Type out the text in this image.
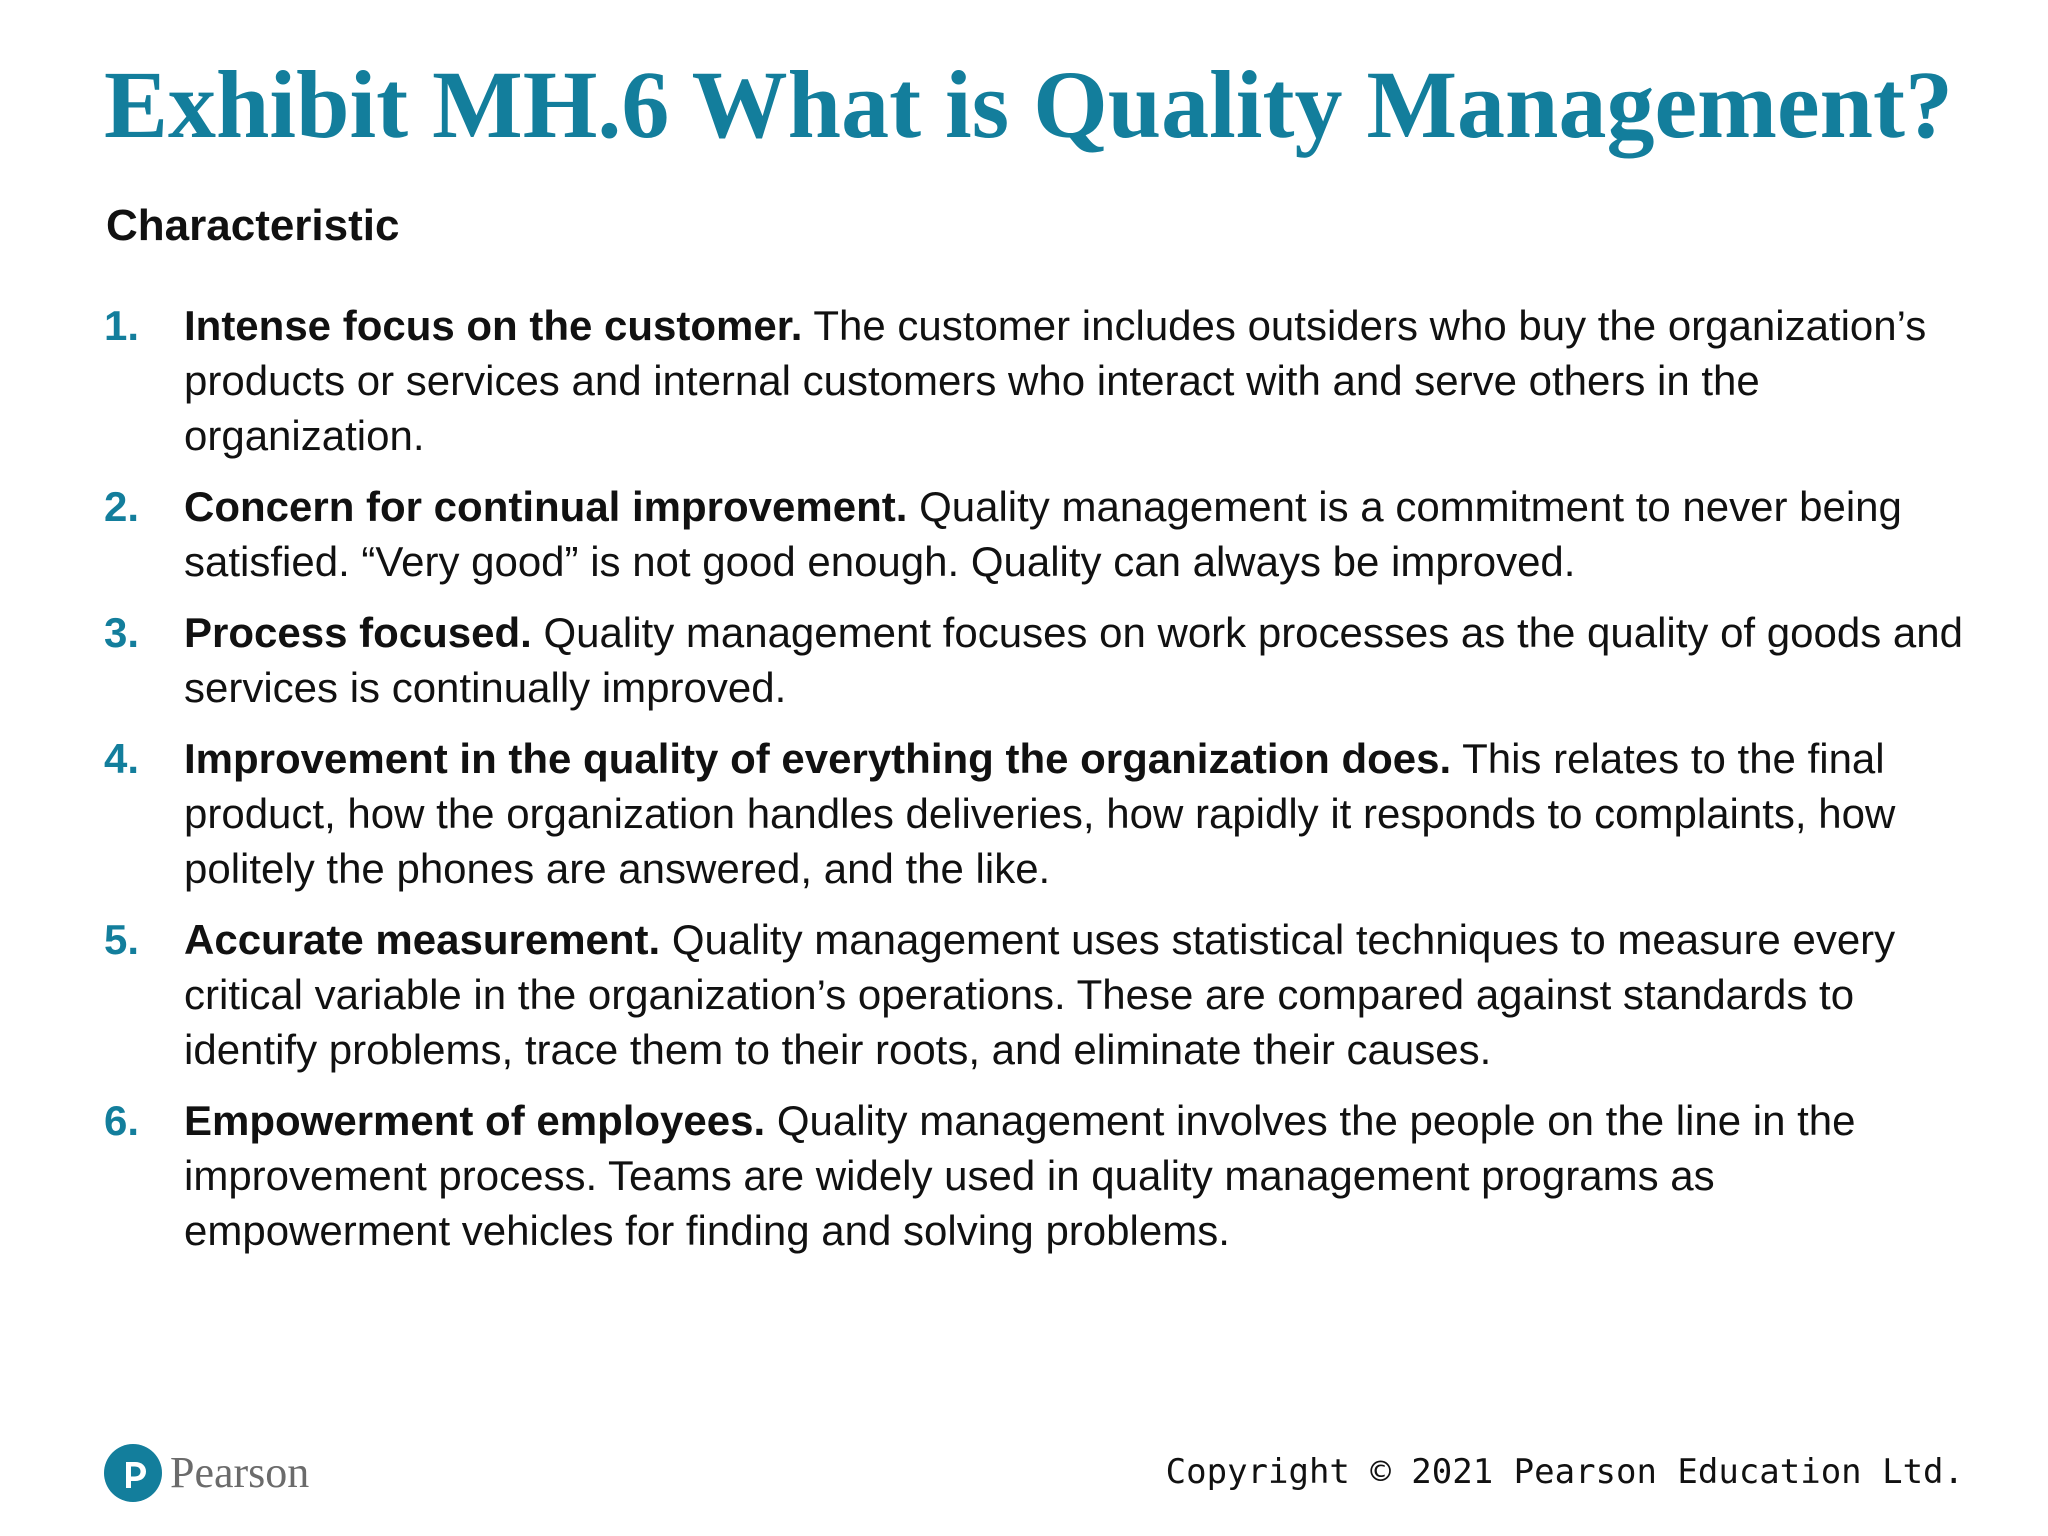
Exhibit MH.6 What is Quality Management?
Characteristic
1. Intense focus on the customer. The customer includes outsiders who buy the organization’s products or services and internal customers who interact with and serve others in the organization.
2. Concern for continual improvement. Quality management is a commitment to never being satisfied. “Very good” is not good enough. Quality can always be improved.
3. Process focused. Quality management focuses on work processes as the quality of goods and services is continually improved.
4. Improvement in the quality of everything the organization does. This relates to the final product, how the organization handles deliveries, how rapidly it responds to complaints, how politely the phones are answered, and the like.
5. Accurate measurement. Quality management uses statistical techniques to measure every critical variable in the organization’s operations. These are compared against standards to identify problems, trace them to their roots, and eliminate their causes.
6. Empowerment of employees. Quality management involves the people on the line in the improvement process. Teams are widely used in quality management programs as empowerment vehicles for finding and solving problems.
Pearson	Copyright © 2021 Pearson Education Ltd.
